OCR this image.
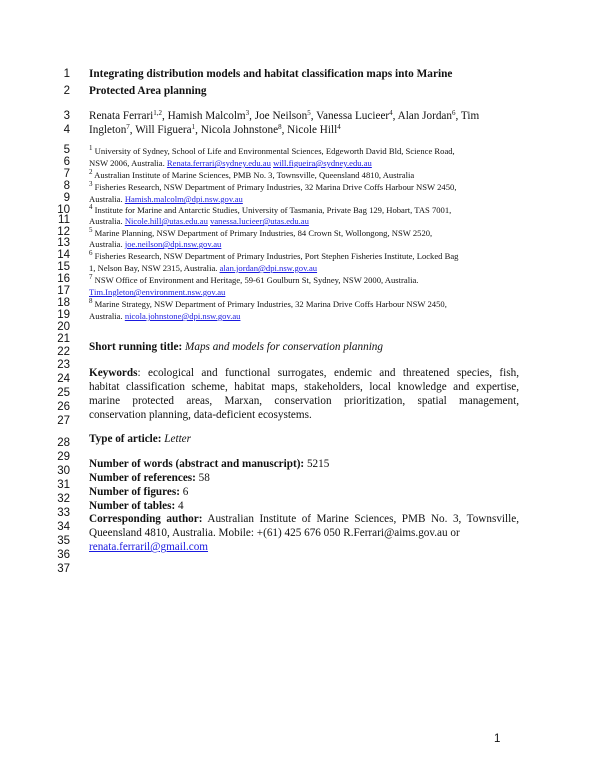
1
2
3
4
5
6
7
8
9
10
11
12
13
14
15
16
17
18
19
20
21
22
23
24
25
26
27
28
29
30
31
32
33
34
35
36
37
Integrating distribution models and habitat classification maps into Marine
Protected Area planning
Renata Ferrari$^{1,2}$, Hamish Malcolm$^3$, Joe Neilson$^5$, Vanessa Lucieer$^4$, Alan Jordan$^6$, Tim
Ingleton$^7$, Will Figuera$^1$, Nicola Johnstone$^8$, Nicole Hill$^4$
$^1$ University of Sydney, School of Life and Environmental Sciences, Edgeworth David Bld, Science Road,
NSW 2006, Australia. Renata.ferrari@sydney.edu.au will.figueira@sydney.edu.au
$^2$ Australian Institute of Marine Sciences, PMB No. 3, Townsville, Queensland 4810, Australia
$^3$ Fisheries Research, NSW Department of Primary Industries, 32 Marina Drive Coffs Harbour NSW 2450,
Australia. Hamish.malcolm@dpi.nsw.gov.au
$^4$ Institute for Marine and Antarctic Studies, University of Tasmania, Private Bag 129, Hobart, TAS 7001,
Australia. Nicole.hill@utas.edu.au vanessa.lucieer@utas.edu.au
$^5$ Marine Planning, NSW Department of Primary Industries, 84 Crown St, Wollongong, NSW 2520,
Australia. joe.neilson@dpi.nsw.gov.au
$^6$ Fisheries Research, NSW Department of Primary Industries, Port Stephen Fisheries Institute, Locked Bag
1, Nelson Bay, NSW 2315, Australia. alan.jordan@dpi.nsw.gov.au
$^7$ NSW Office of Environment and Heritage, 59-61 Goulburn St, Sydney, NSW 2000, Australia.
Tim.Ingleton@environment.nsw.gov.au
$^8$ Marine Strategy, NSW Department of Primary Industries, 32 Marina Drive Coffs Harbour NSW 2450,
Australia. nicola.johnstone@dpi.nsw.gov.au
Short running title: Maps and models for conservation planning
Keywords: ecological and functional surrogates, endemic and threatened species, fish,
habitat classification scheme, habitat maps, stakeholders, local knowledge and expertise,
marine protected areas, Marxan, conservation prioritization, spatial management,
conservation planning, data-deficient ecosystems.
Type of article: Letter
Number of words (abstract and manuscript): 5215
Number of references: 58
Number of figures: 6
Number of tables: 4
Corresponding author: Australian Institute of Marine Sciences, PMB No. 3, Townsville,
Queensland 4810, Australia. Mobile: +(61) 425 676 050 R.Ferrari@aims.gov.au or
renata.ferraril@gmail.com
1
